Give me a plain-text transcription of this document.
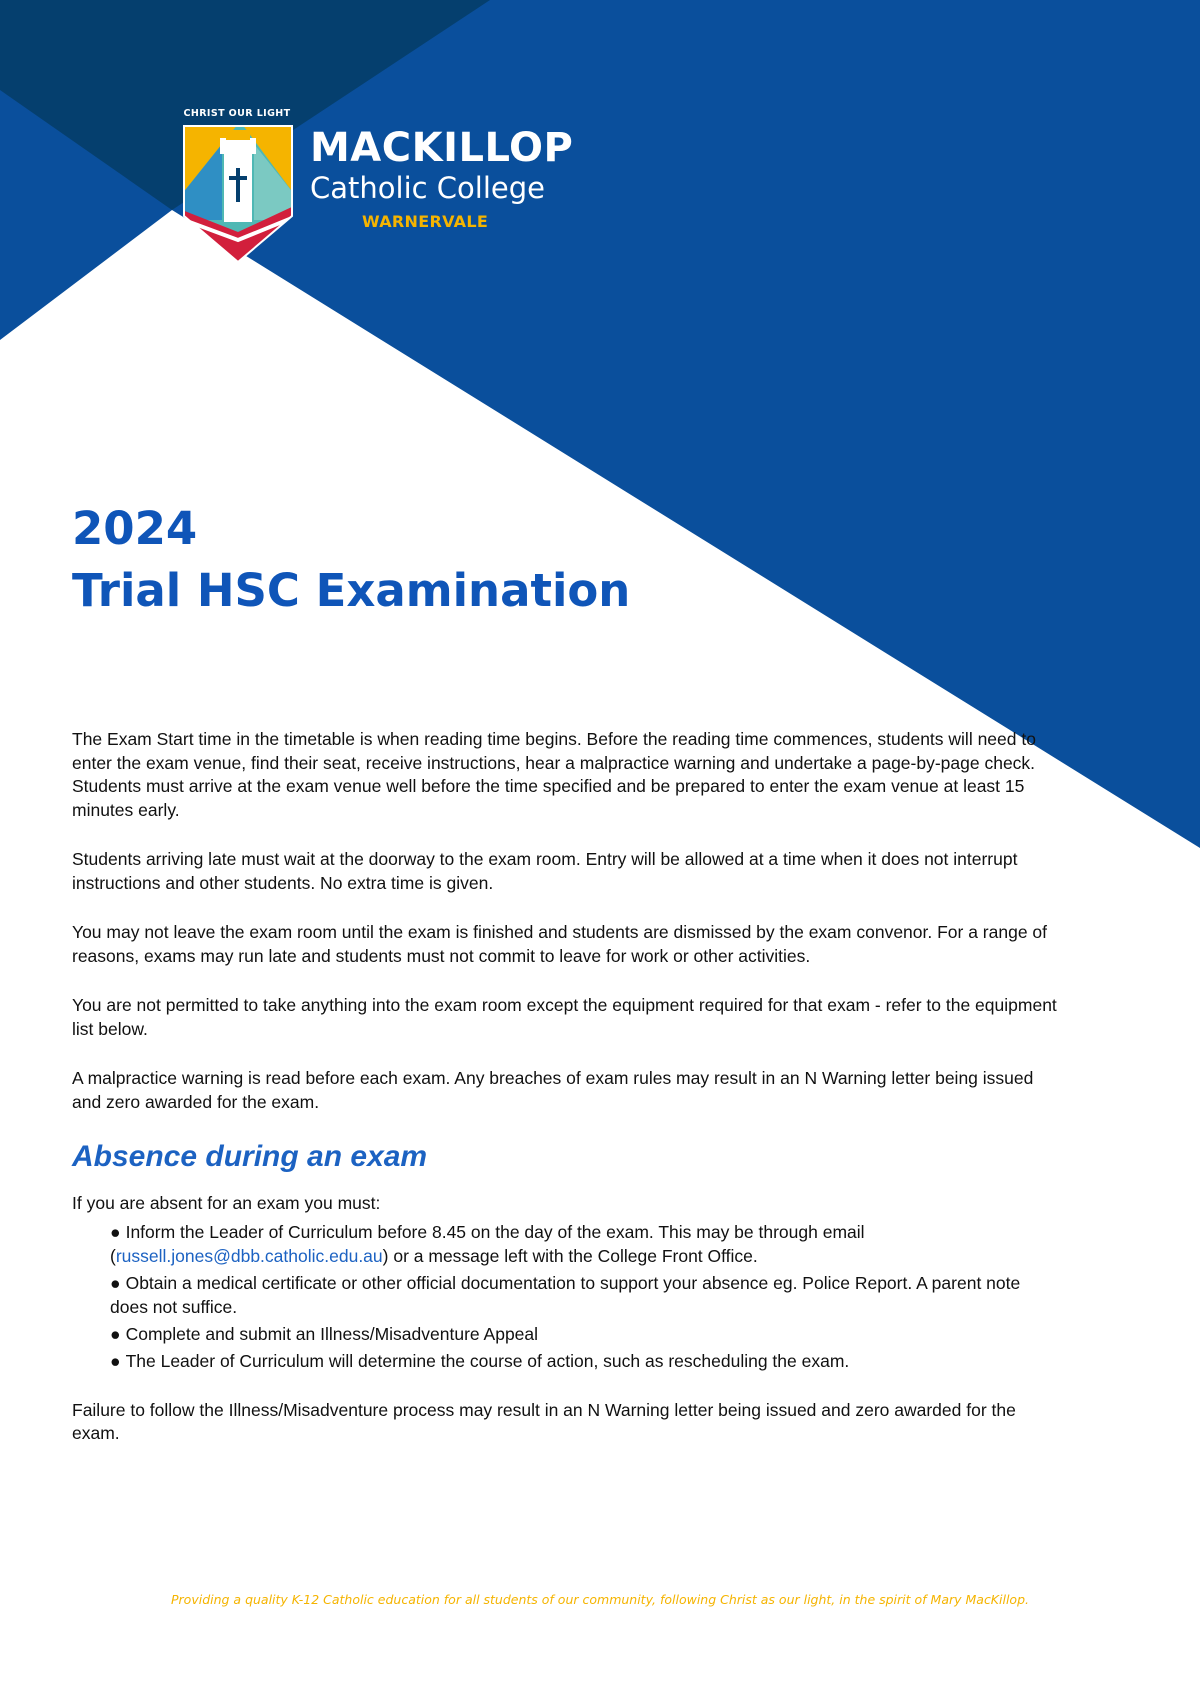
CHRIST OUR LIGHT
MACKILLOP
Catholic College
WARNERVALE
2024
Trial HSC Examination

The Exam Start time in the timetable is when reading time begins. Before the reading time commences, students will need to enter the exam venue, find their seat, receive instructions, hear a malpractice warning and undertake a page-by-page check. Students must arrive at the exam venue well before the time specified and be prepared to enter the exam venue at least 15 minutes early.

Students arriving late must wait at the doorway to the exam room. Entry will be allowed at a time when it does not interrupt instructions and other students. No extra time is given.

You may not leave the exam room until the exam is finished and students are dismissed by the exam convenor. For a range of reasons, exams may run late and students must not commit to leave for work or other activities.

You are not permitted to take anything into the exam room except the equipment required for that exam - refer to the equipment list below.

A malpractice warning is read before each exam. Any breaches of exam rules may result in an N Warning letter being issued and zero awarded for the exam.

Absence during an exam

If you are absent for an exam you must:

● Inform the Leader of Curriculum before 8.45 on the day of the exam. This may be through email (russell.jones@dbb.catholic.edu.au) or a message left with the College Front Office.
● Obtain a medical certificate or other official documentation to support your absence eg. Police Report. A parent note does not suffice.
● Complete and submit an Illness/Misadventure Appeal
● The Leader of Curriculum will determine the course of action, such as rescheduling the exam.

Failure to follow the Illness/Misadventure process may result in an N Warning letter being issued and zero awarded for the exam.

Providing a quality K-12 Catholic education for all students of our community, following Christ as our light, in the spirit of Mary MacKillop.
